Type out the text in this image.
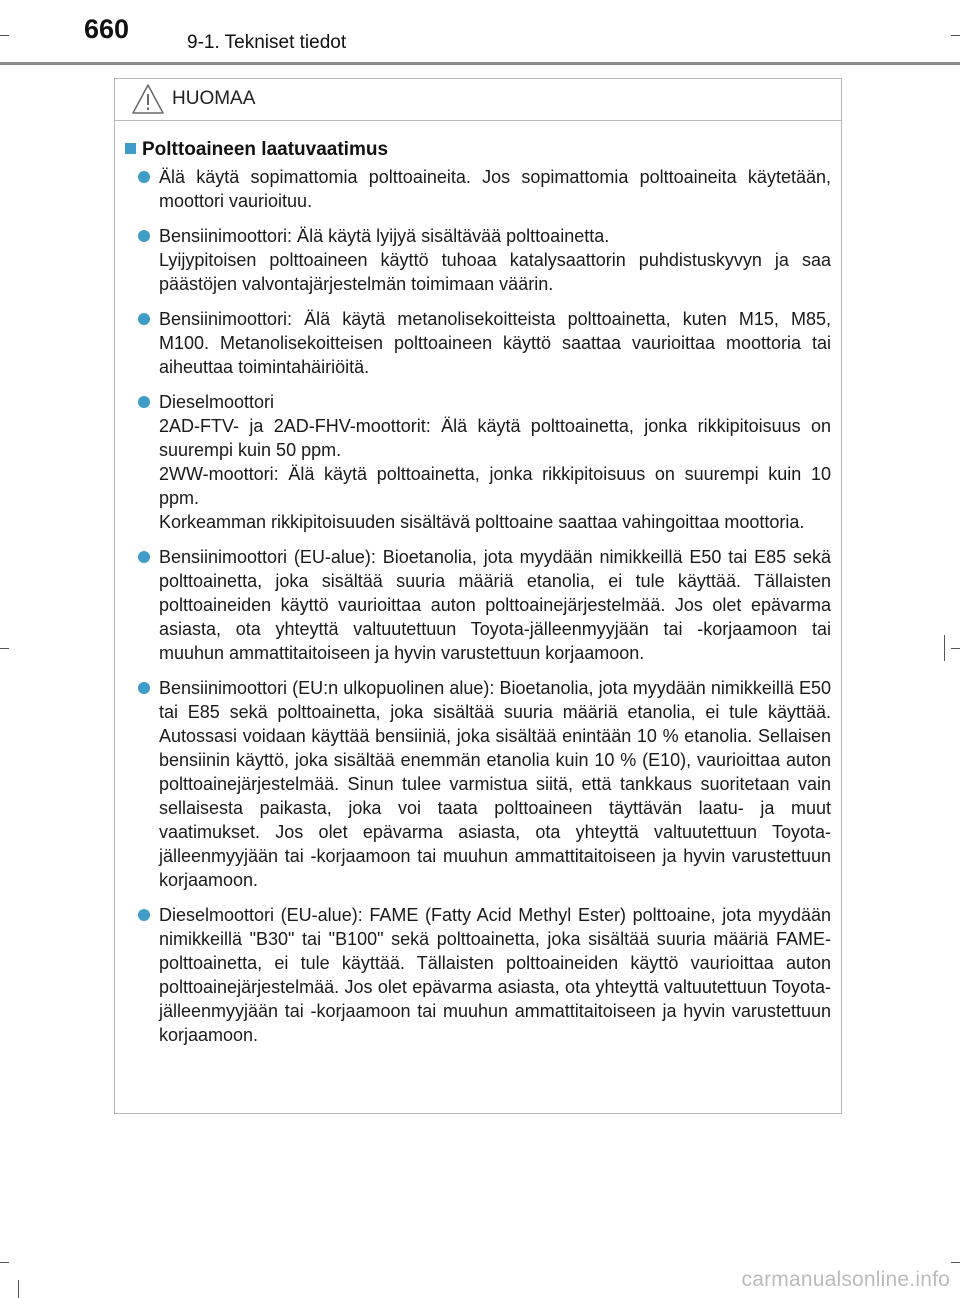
660	9-1. Tekniset tiedot
HUOMAA
Polttoaineen laatuvaatimus
Älä käytä sopimattomia polttoaineita. Jos sopimattomia polttoaineita käytetään, moottori vaurioituu.
Bensiinimoottori: Älä käytä lyijyä sisältävää polttoainetta.
Lyijypitoisen polttoaineen käyttö tuhoaa katalysaattorin puhdistuskyvyn ja saa päästöjen valvontajärjestelmän toimimaan väärin.
Bensiinimoottori: Älä käytä metanolisekoitteista polttoainetta, kuten M15, M85, M100. Metanolisekoitteisen polttoaineen käyttö saattaa vaurioittaa moottoria tai aiheuttaa toimintahäiriöitä.
Dieselmoottori
2AD-FTV- ja 2AD-FHV-moottorit: Älä käytä polttoainetta, jonka rikkipitoisuus on suurempi kuin 50 ppm.
2WW-moottori: Älä käytä polttoainetta, jonka rikkipitoisuus on suurempi kuin 10 ppm.
Korkeamman rikkipitoisuuden sisältävä polttoaine saattaa vahingoittaa moottoria.
Bensiinimoottori (EU-alue): Bioetanolia, jota myydään nimikkeillä E50 tai E85 sekä polttoainetta, joka sisältää suuria määriä etanolia, ei tule käyttää. Tällaisten polttoaineiden käyttö vaurioittaa auton polttoainejärjestelmää. Jos olet epävarma asiasta, ota yhteyttä valtuutettuun Toyota-jälleenmyyjään tai -korjaamoon tai muuhun ammattitaitoiseen ja hyvin varustettuun korjaamoon.
Bensiinimoottori (EU:n ulkopuolinen alue): Bioetanolia, jota myydään nimikkeillä E50 tai E85 sekä polttoainetta, joka sisältää suuria määriä etanolia, ei tule käyttää. Autossasi voidaan käyttää bensiiniä, joka sisältää enintään 10 % etanolia. Sellaisen bensiinin käyttö, joka sisältää enemmän etanolia kuin 10 % (E10), vaurioittaa auton polttoainejärjestelmää. Sinun tulee varmistua siitä, että tankkaus suoritetaan vain sellaisesta paikasta, joka voi taata polttoaineen täyttävän laatu- ja muut vaatimukset. Jos olet epävarma asiasta, ota yhteyttä valtuutettuun Toyota-jälleenmyyjään tai -korjaamoon tai muuhun ammattitaitoiseen ja hyvin varustettuun korjaamoon.
Dieselmoottori (EU-alue): FAME (Fatty Acid Methyl Ester) polttoaine, jota myydään nimikkeillä "B30" tai "B100" sekä polttoainetta, joka sisältää suuria määriä FAME-polttoainetta, ei tule käyttää. Tällaisten polttoaineiden käyttö vaurioittaa auton polttoainejärjestelmää. Jos olet epävarma asiasta, ota yhteyttä valtuutettuun Toyota-jälleenmyyjään tai -korjaamoon tai muuhun ammattitaitoiseen ja hyvin varustettuun korjaamoon.
carmanualsonline.info
